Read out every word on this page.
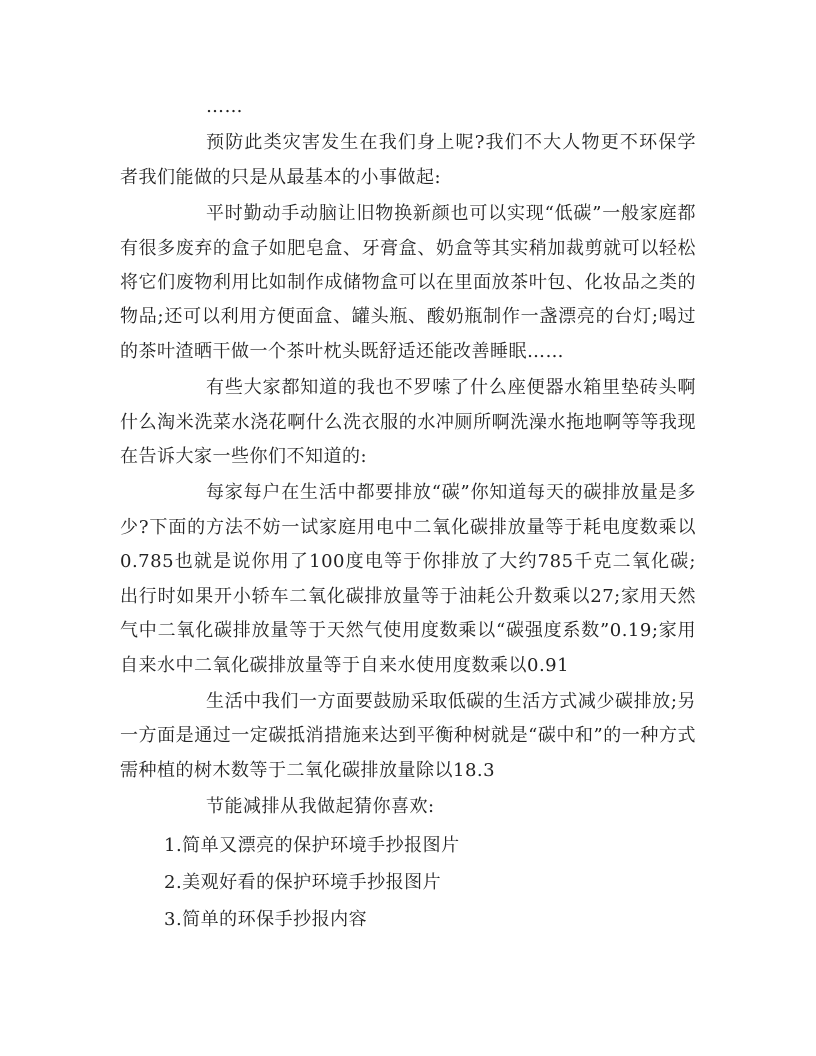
……

预防此类灾害发生在我们身上呢?我们不大人物更不环保学者我们能做的只是从最基本的小事做起:

平时勤动手动脑让旧物换新颜也可以实现“低碳”一般家庭都有很多废弃的盒子如肥皂盒、牙膏盒、奶盒等其实稍加裁剪就可以轻松将它们废物利用比如制作成储物盒可以在里面放茶叶包、化妆品之类的物品;还可以利用方便面盒、罐头瓶、酸奶瓶制作一盏漂亮的台灯;喝过的茶叶渣晒干做一个茶叶枕头既舒适还能改善睡眠……

有些大家都知道的我也不罗嗦了什么座便器水箱里垫砖头啊什么淘米洗菜水浇花啊什么洗衣服的水冲厕所啊洗澡水拖地啊等等我现在告诉大家一些你们不知道的:

每家每户在生活中都要排放“碳”你知道每天的碳排放量是多少?下面的方法不妨一试家庭用电中二氧化碳排放量等于耗电度数乘以0.785也就是说你用了100度电等于你排放了大约785千克二氧化碳;出行时如果开小轿车二氧化碳排放量等于油耗公升数乘以27;家用天然气中二氧化碳排放量等于天然气使用度数乘以“碳强度系数”0.19;家用自来水中二氧化碳排放量等于自来水使用度数乘以0.91

生活中我们一方面要鼓励采取低碳的生活方式减少碳排放;另一方面是通过一定碳抵消措施来达到平衡种树就是“碳中和”的一种方式需种植的树木数等于二氧化碳排放量除以18.3

节能减排从我做起猜你喜欢:

1.简单又漂亮的保护环境手抄报图片
2.美观好看的保护环境手抄报图片
3.简单的环保手抄报内容
